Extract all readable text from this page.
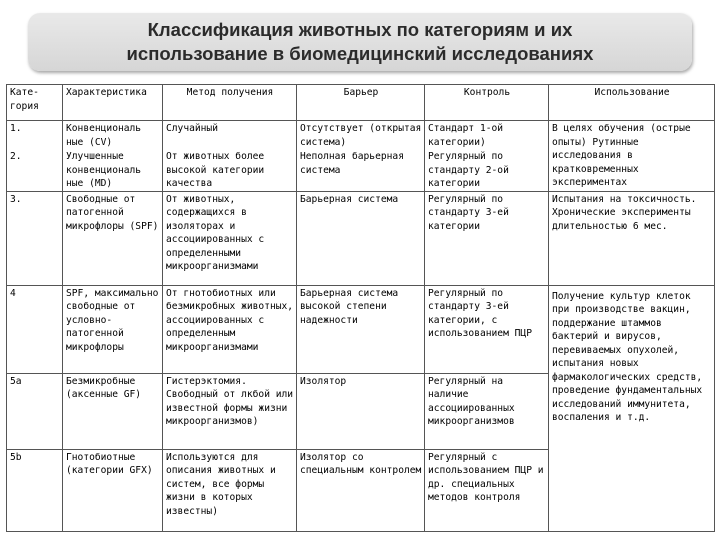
Классификация животных по категориям и их
использование в биомедицинский исследованиях
Кате-гория	Характеристика	Метод получения	Барьер	Контроль	Использование
1.	Конвенциональ ные (CV)	Случайный	Отсутствует (открытая система)	Стандарт 1-ой категории)	В целях обучения (острые опыты) Рутинные исследования в кратковременных экспериментах
2.	Улучшенные конвенциональ ные (MD)	От животных более высокой категории качества	Неполная барьерная система	Регулярный по стандарту 2-ой категории	
3.	Свободные от патогенной микрофлоры (SPF)	От животных, содержащихся в изоляторах и ассоциированных с определенными микроорганизмами	Барьерная система	Регулярный по стандарту 3-ей категории	Испытания на токсичность. Хронические эксперименты длительностью 6 мес.
4	SPF, максимально свободные от условно-патогенной микрофлоры	От гнотобиотных или безмикробных животных, ассоциированных с определенным микроорганизмами	Барьерная система высокой степени надежности	Регулярный по стандарту 3-ей категории, с использованием ПЦР	Получение культур клеток при производстве вакцин, поддержание штаммов бактерий и вирусов, перевиваемых опухолей, испытания новых фармакологических средств, проведение фундаментальных исследований иммунитета, воспаления и т.д.
5a	Безмикробные (аксенные GF)	Гистерэктомия. Свободный от лкбой или известной формы жизни микроорганизмов)	Изолятор	Регулярный на наличие ассоциированных микроорганизмов	
5b	Гнотобиотные (категории GFX)	Используются для описания животных и систем, все формы жизни в которых известны)	Изолятор со специальным контролем	Регулярный с использованием ПЦР и др. специальных методов контроля	
